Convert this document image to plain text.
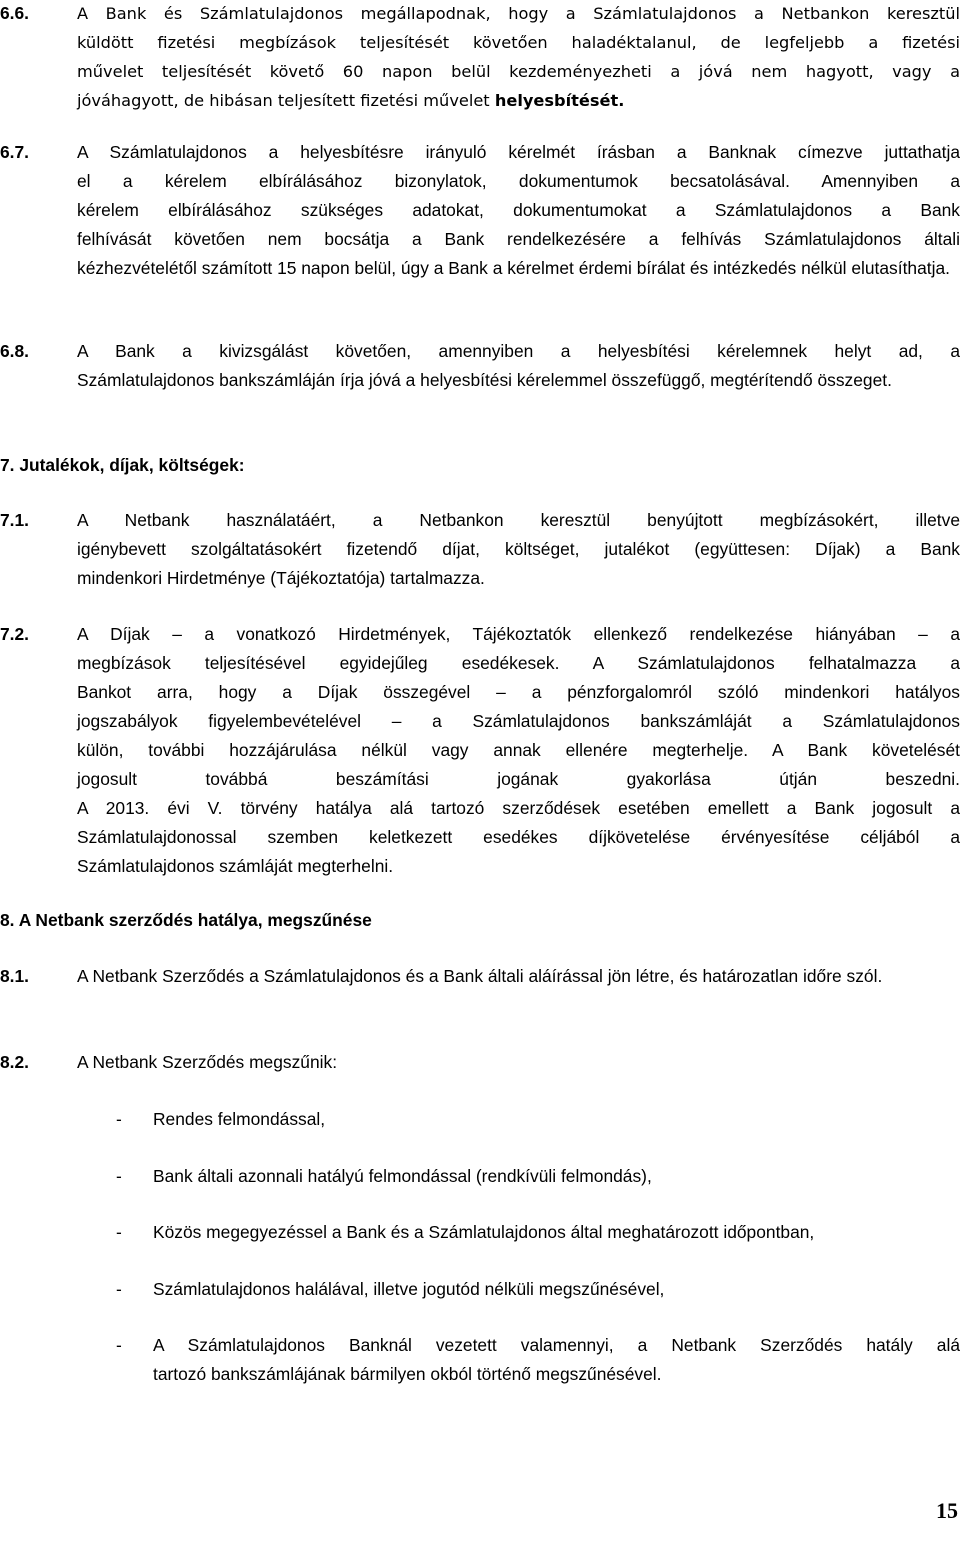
6.6.	A Bank és Számlatulajdonos megállapodnak, hogy a Számlatulajdonos a Netbankon keresztül küldött fizetési megbízások teljesítését követően haladéktalanul, de legfeljebb a fizetési művelet teljesítését követő 60 napon belül kezdeményezheti a jóvá nem hagyott, vagy a jóváhagyott, de hibásan teljesített fizetési művelet helyesbítését.
6.7.	A Számlatulajdonos a helyesbítésre irányuló kérelmét írásban a Banknak címezve juttathatja el a kérelem elbírálásához bizonylatok, dokumentumok becsatolásával. Amennyiben a kérelem elbírálásához szükséges adatokat, dokumentumokat a Számlatulajdonos a Bank felhívását követően nem bocsátja a Bank rendelkezésére a felhívás Számlatulajdonos általi kézhezvételétől számított 15 napon belül, úgy a Bank a kérelmet érdemi bírálat és intézkedés nélkül elutasíthatja.
6.8.	A Bank a kivizsgálást követően, amennyiben a helyesbítési kérelemnek helyt ad, a Számlatulajdonos bankszámláján írja jóvá a helyesbítési kérelemmel összefüggő, megtérítendő összeget.
7. Jutalékok, díjak, költségek:
7.1.	A Netbank használatáért, a Netbankon keresztül benyújtott megbízásokért, illetve igénybevett szolgáltatásokért fizetendő díjat, költséget, jutalékot (együttesen: Díjak) a Bank mindenkori Hirdetménye (Tájékoztatója) tartalmazza.
7.2.	A Díjak – a vonatkozó Hirdetmények, Tájékoztatók ellenkező rendelkezése hiányában – a megbízások teljesítésével egyidejűleg esedékesek. A Számlatulajdonos felhatalmazza a Bankot arra, hogy a Díjak összegével – a pénzforgalomról szóló mindenkori hatályos jogszabályok figyelembevételével – a Számlatulajdonos bankszámláját a Számlatulajdonos külön, további hozzájárulása nélkül vagy annak ellenére megterhelje. A Bank követelését jogosult továbbá beszámítási jogának gyakorlása útján beszedni. A 2013. évi V. törvény hatálya alá tartozó szerződések esetében emellett a Bank jogosult a Számlatulajdonossal szemben keletkezett esedékes díjkövetelése érvényesítése céljából a Számlatulajdonos számláját megterhelni.
8. A Netbank szerződés hatálya, megszűnése
8.1.	A Netbank Szerződés a Számlatulajdonos és a Bank általi aláírással jön létre, és határozatlan időre szól.
8.2.	A Netbank Szerződés megszűnik:
- Rendes felmondással,
- Bank általi azonnali hatályú felmondással (rendkívüli felmondás),
- Közös megegyezéssel a Bank és a Számlatulajdonos által meghatározott időpontban,
- Számlatulajdonos halálával, illetve jogutód nélküli megszűnésével,
- A Számlatulajdonos Banknál vezetett valamennyi, a Netbank Szerződés hatály alá
tartozó bankszámlájának bármilyen okból történő megszűnésével.
15
